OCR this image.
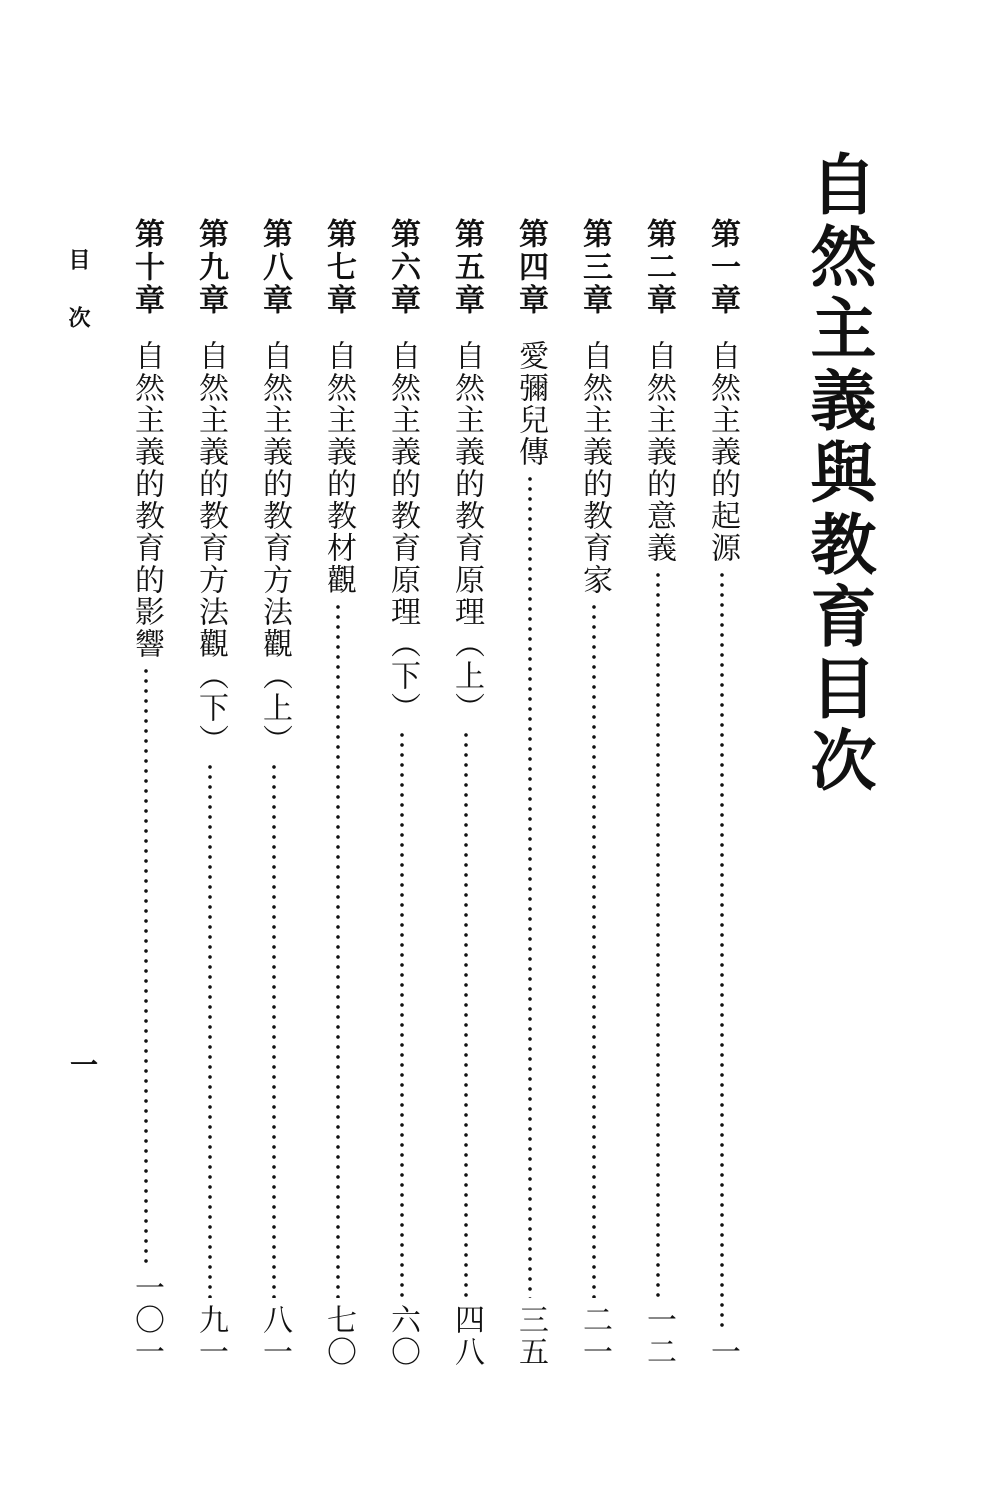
自然主義與教育目次
第一章
自然主義的起源
一
第二章
自然主義的意義
一二
第三章
自然主義的教育家
二一
第四章
愛彌兒傳
三五
第五章
自然主義的教育原理（上）
四八
第六章
自然主義的教育原理（下）
六〇
第七章
自然主義的教材觀
七〇
第八章
自然主義的教育方法觀（上）
八一
第九章
自然主義的教育方法觀（下）
九一
第十章
自然主義的教育的影響
一〇一
目次
一
